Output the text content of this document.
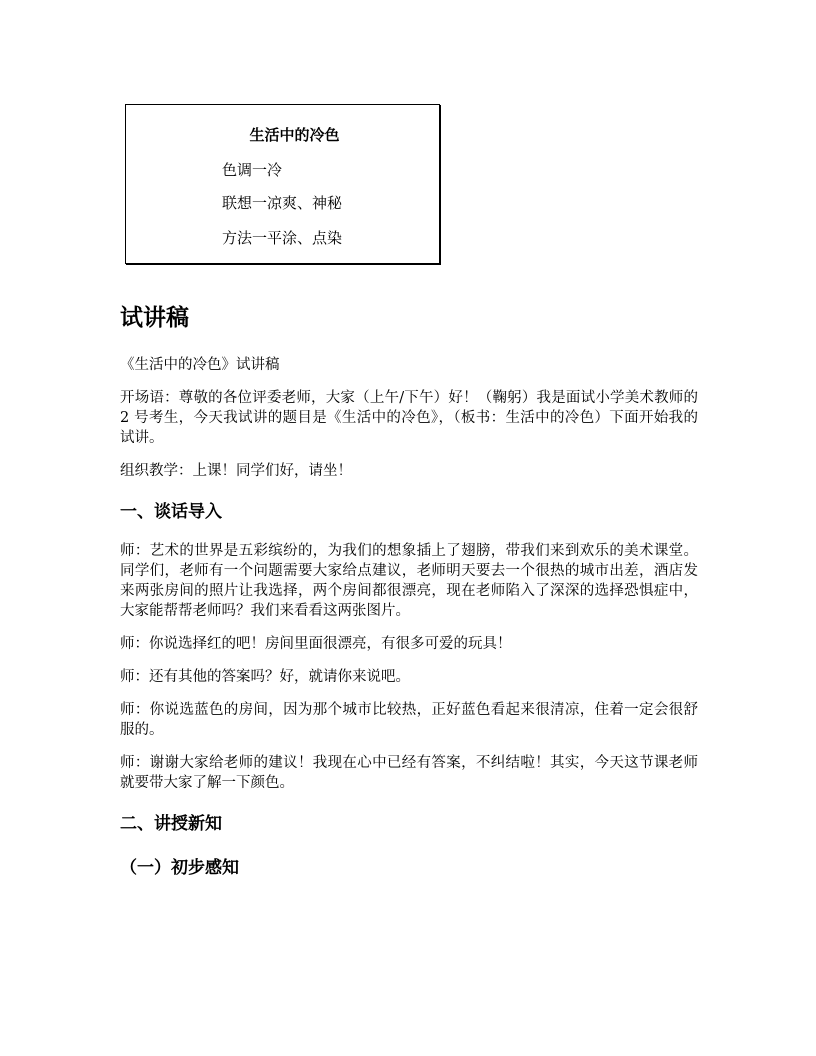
生活中的冷色
色调一冷
联想一凉爽、神秘
方法一平涂、点染
试讲稿

《生活中的冷色》试讲稿

开场语：尊敬的各位评委老师，大家（上午/下午）好！（鞠躬）我是面试小学美术教师的 2 号考生，今天我试讲的题目是《生活中的冷色》，（板书：生活中的冷色）下面开始我的试讲。

组织教学：上课！同学们好，请坐！

一、谈话导入

师：艺术的世界是五彩缤纷的，为我们的想象插上了翅膀，带我们来到欢乐的美术课堂。同学们，老师有一个问题需要大家给点建议，老师明天要去一个很热的城市出差，酒店发来两张房间的照片让我选择，两个房间都很漂亮，现在老师陷入了深深的选择恐惧症中，大家能帮帮老师吗？我们来看看这两张图片。

师：你说选择红的吧！房间里面很漂亮，有很多可爱的玩具！

师：还有其他的答案吗？好，就请你来说吧。

师：你说选蓝色的房间，因为那个城市比较热，正好蓝色看起来很清凉，住着一定会很舒服的。

师：谢谢大家给老师的建议！我现在心中已经有答案，不纠结啦！其实，今天这节课老师就要带大家了解一下颜色。

二、讲授新知
（一）初步感知
